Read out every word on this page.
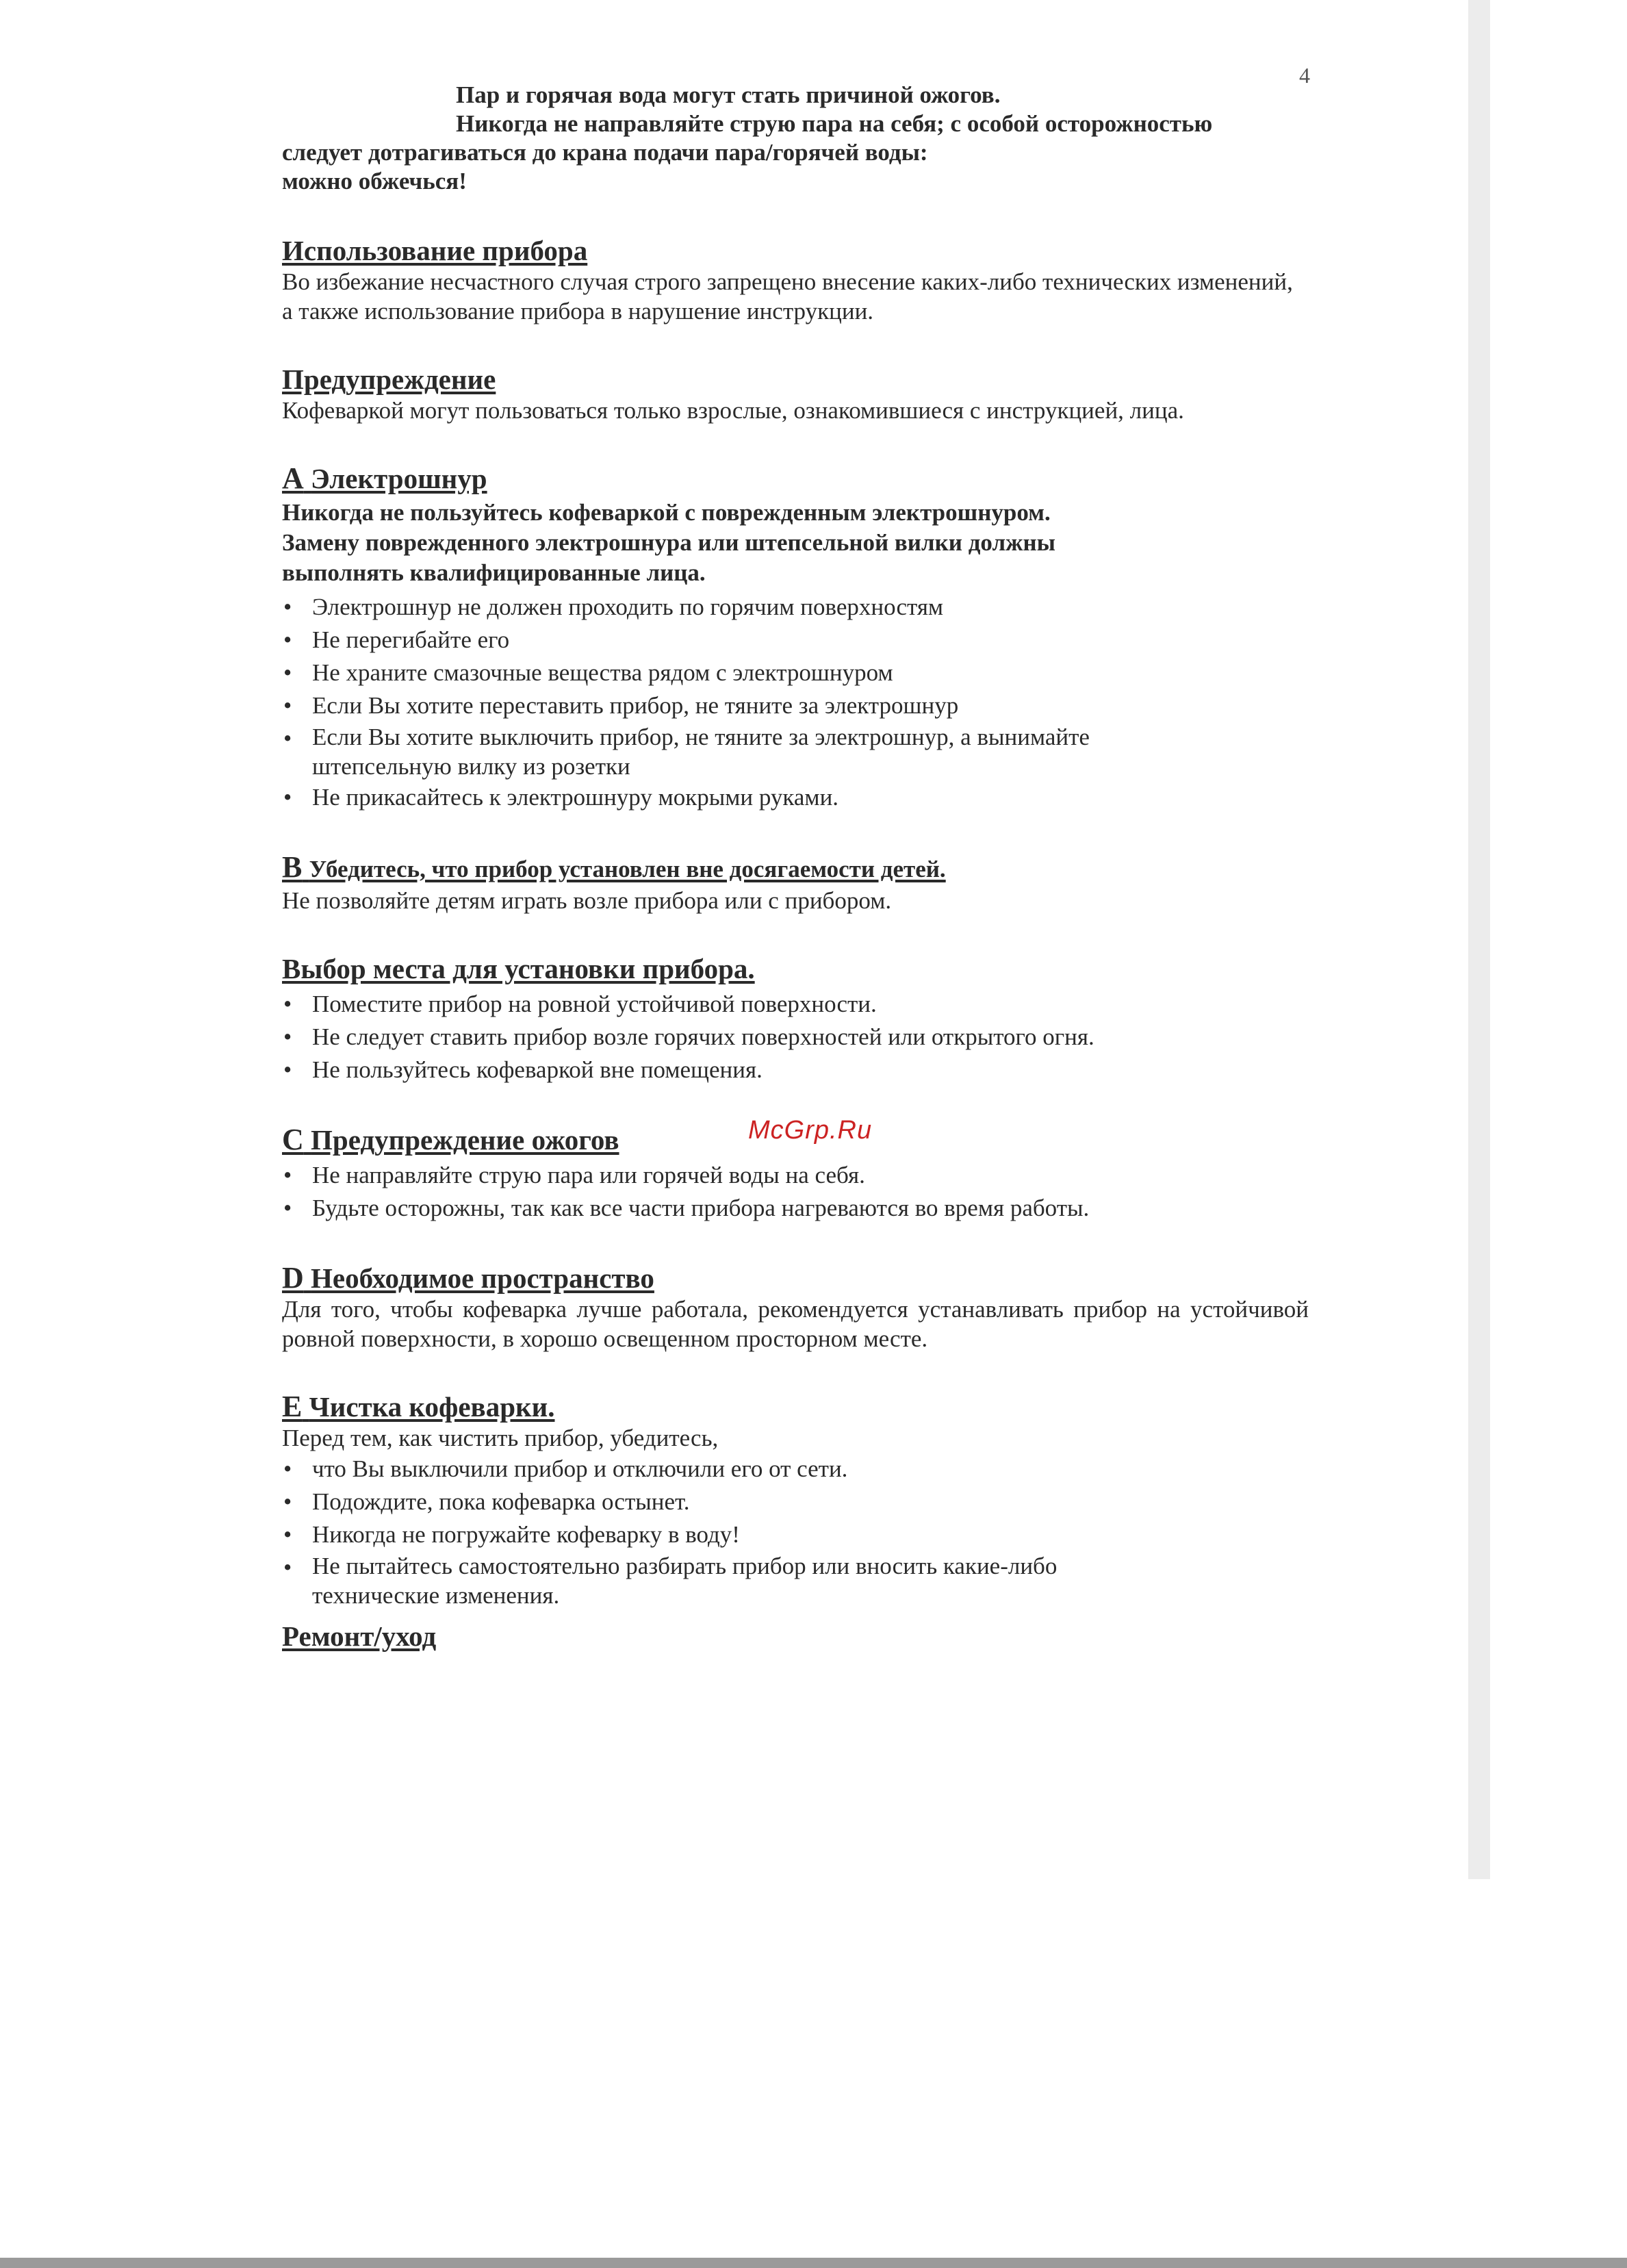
4

Пар и горячая вода могут стать причиной ожогов.

Никогда не направляйте струю пара на себя; с особой осторожностью

следует дотрагиваться до крана подачи пара/горячей воды:

можно обжечься!

Использование прибора

Во избежание несчастного случая строго запрещено внесение каких-либо технических изменений, а также использование прибора в нарушение инструкции.

Предупреждение

Кофеваркой могут пользоваться только взрослые, ознакомившиеся с инструкцией, лица.

А Электрошнур

Никогда не пользуйтесь кофеваркой с поврежденным электрошнуром.

Замену поврежденного электрошнура или штепсельной вилки должны

выполнять квалифицированные лица.

• Электрошнур не должен проходить по горячим поверхностям
• Не перегибайте его
• Не храните смазочные вещества рядом с электрошнуром
• Если Вы хотите переставить прибор, не тяните за электрошнур
• Если Вы хотите выключить прибор, не тяните за электрошнур, а вынимайте
штепсельную вилку из розетки
• Не прикасайтесь к электрошнуру мокрыми руками.
В Убедитесь, что прибор установлен вне досягаемости детей.

Не позволяйте детям играть возле прибора или с прибором.

Выбор места для установки прибора.
• Поместите прибор на ровной устойчивой поверхности.
• Не следует ставить прибор возле горячих поверхностей или открытого огня.
• Не пользуйтесь кофеваркой вне помещения.
С Предупреждение ожогов
• Не направляйте струю пара или горячей воды на себя.
• Будьте осторожны, так как все части прибора нагреваются во время работы.
D Необходимое пространство

Для того, чтобы кофеварка лучше работала, рекомендуется устанавливать прибор на устойчивой ровной поверхности, в хорошо освещенном просторном месте.

Е Чистка кофеварки.

Перед тем, как чистить прибор, убедитесь,

• что Вы выключили прибор и отключили его от сети.
• Подождите, пока кофеварка остынет.
• Никогда не погружайте кофеварку в воду!
• Не пытайтесь самостоятельно разбирать прибор или вносить какие-либо
технические изменения.
Ремонт/уход
McGrp.Ru
